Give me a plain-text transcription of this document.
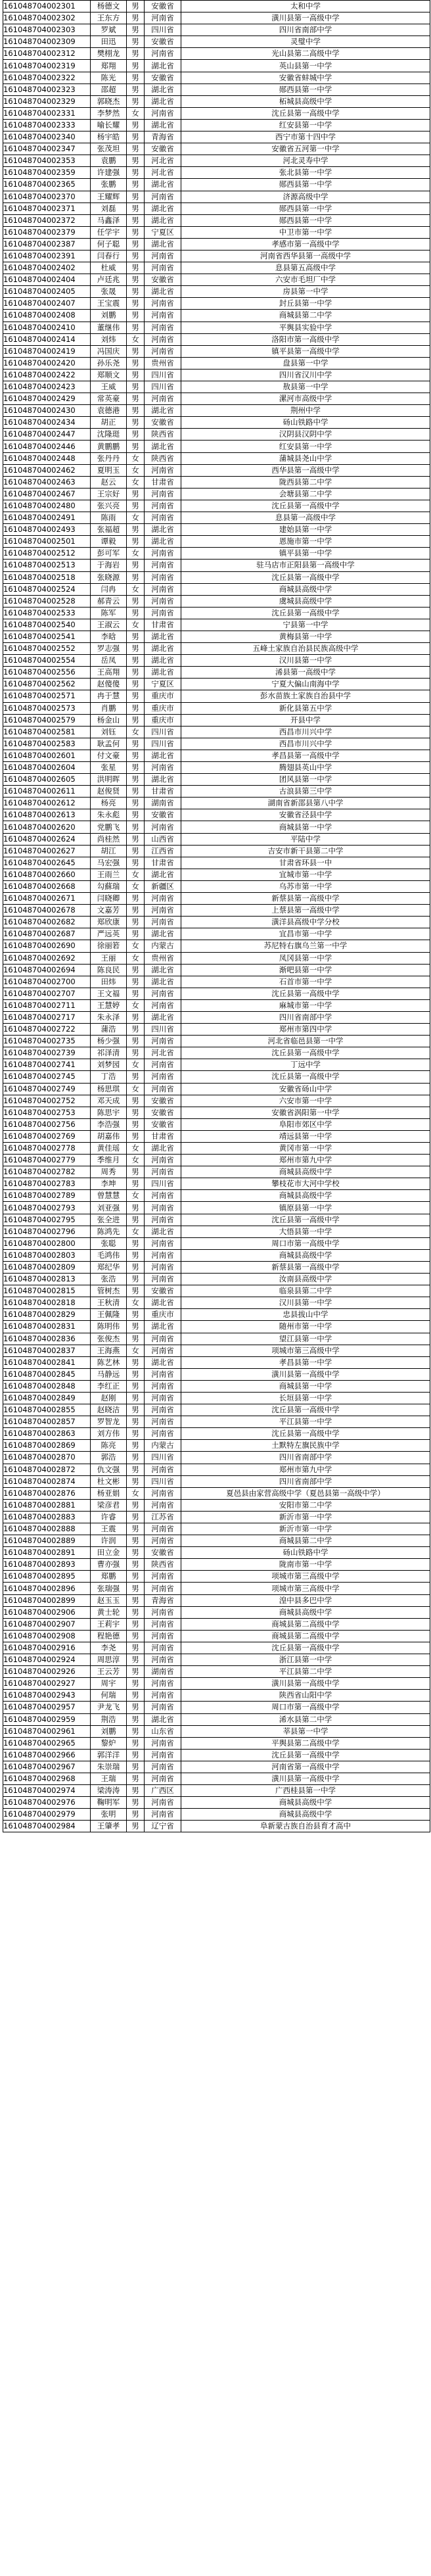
161048704002301	杨德文	男	安徽省	太和中学
161048704002302	王东方	男	河南省	潢川县第一高级中学
161048704002303	罗斌	男	四川省	四川省南部中学
161048704002309	田迅	男	安徽省	灵璧中学
161048704002312	樊栩龙	男	河南省	光山县第二高级中学
161048704002319	郑翔	男	湖北省	英山县第一中学
161048704002322	陈光	男	安徽省	安徽省蚌城中学
161048704002323	邵超	男	湖北省	郧西县第一中学
161048704002329	郭晓杰	男	湖北省	柘城县高级中学
161048704002331	李梦然	女	河南省	沈丘县第一高级中学
161048704002333	喻长耀	男	湖北省	红安县第一中学
161048704002340	杨宇皓	男	青海省	西宁市第十四中学
161048704002347	张茂坦	男	安徽省	安徽省五河第一中学
161048704002353	袁鹏	男	河北省	河北灵寿中学
161048704002359	许建强	男	河北省	张北县第一中学
161048704002365	张鹏	男	湖北省	郧西县第一中学
161048704002370	王耀辉	男	河南省	济源高级中学
161048704002371	刘磊	男	湖北省	郧西县第一中学
161048704002372	马鑫泽	男	湖北省	郧西县第一中学
161048704002379	任学宇	男	宁夏区	中卫市第一中学
161048704002387	何子聪	男	湖北省	孝感市第一高级中学
161048704002391	闫春行	男	河南省	河南省西华县第一高级中学
161048704002402	杜威	男	河南省	息县第五高级中学
161048704002404	卢廷兆	男	安徽省	六安市毛坦厂中学
161048704002405	张晟	男	湖北省	房县第一中学
161048704002407	王宝震	男	河南省	封丘县第一中学
161048704002408	刘鹏	男	河南省	商城县第二中学
161048704002410	董继伟	男	河南省	平舆县实验中学
161048704002414	刘炜	女	河南省	洛阳市第一高级中学
161048704002419	冯国庆	男	河南省	镇平县第一高级中学
161048704002420	孙乐尧	男	贵州省	盘县第一中学
161048704002422	郑顺文	男	四川省	四川省汉川中学
161048704002423	王威	男	四川省	敖县第一中学
161048704002429	常英豪	男	河南省	漯河市高级中学
161048704002430	袁德港	男	湖北省	荆州中学
161048704002434	胡正	男	安徽省	砀山铁路中学
161048704002447	沈隆珽	男	陕西省	汉阴县汉阴中学
161048704002446	黄鹏鹏	男	湖北省	红安县第一中学
161048704002448	张丹丹	女	陕西省	蒲城县尧山中学
161048704002462	夏明玉	女	河南省	西华县第一高级中学
161048704002463	赵云	女	甘肃省	陇西县第二中学
161048704002467	王宗好	男	河南省	会塘县第二中学
161048704002480	张兴亮	男	河南省	沈丘县第一高级中学
161048704002491	陈雨	女	河南省	息县第一高级中学
161048704002493	张福超	男	湖北省	建始县第一中学
161048704002501	谭毅	男	湖北省	恩施市第一中学
161048704002512	彭可军	女	河南省	镇平县第一中学
161048704002513	于海岩	男	河南省	驻马店市正阳县第一高级中学
161048704002518	张晓源	男	河南省	沈丘县第一高级中学
161048704002524	闫冉	女	河南省	商城县高级中学
161048704002528	郝青云	男	河南省	虞城县高级中学
161048704002533	陈军	男	河南省	沈丘县第一高级中学
161048704002540	王淑云	女	甘肃省	宁县第一中学
161048704002541	李晗	男	湖北省	黄梅县第一中学
161048704002552	罗志强	男	湖北省	五峰土家族自治县民族高级中学
161048704002554	岳凤	男	湖北省	汉川县第一中学
161048704002556	王高翔	男	湖北省	浠县第一高级中学
161048704002562	赵傻傻	男	宁夏区	宁夏大偏山南海中学
161048704002571	冉于慧	男	重庆市	彭水苗族土家族自治县中学
161048704002573	肖鹏	男	重庆市	新化县第五中学
161048704002579	杨金山	男	重庆市	开县中学
161048704002581	刘钰	女	四川省	西昌市川兴中学
161048704002583	耿孟何	男	四川省	西昌市川兴中学
161048704002601	付文豪	男	湖北省	孝昌县第一高级中学
161048704002604	张星	男	河南省	腾翅县英山中学
161048704002605	洪明晖	男	湖北省	团风县第一中学
161048704002611	赵俊贤	男	甘肃省	古浪县第三中学
161048704002612	杨亮	男	湖南省	湖南省新邵县第八中学
161048704002613	朱永彪	男	安徽省	安徽省泾县中学
161048704002620	党鹏飞	男	河南省	商城县第一中学
161048704002624	尚桂然	男	山西省	平陆中学
161048704002627	胡江	男	江西省	吉安市新干县第二中学
161048704002645	马宏强	男	甘肃省	甘肃省环县一中
161048704002660	王雨兰	女	湖北省	宜城市第一中学
161048704002668	勾蘇瑞	女	新疆区	乌苏市第一中学
161048704002671	闫晓卿	男	河南省	新蔡县第一高级中学
161048704002678	文嘉芳	男	河南省	上蔡县第一高级中学
161048704002682	郑欣康	男	河南省	潢洋县高级中学分校
161048704002687	严远英	男	湖北省	宜昌市第一中学
161048704002690	徐丽箬	女	内蒙古	苏尼特右旗乌兰第一中学
161048704002692	王丽	女	贵州省	凤冈县第一中学
161048704002694	陈良民	男	湖北省	渐吧县第一中学
161048704002700	田炜	男	湖北省	石首市第一中学
161048704002707	王文福	男	河南省	沈丘县第一高级中学
161048704002711	王慧婷	女	河南省	麻城市第一中学
161048704002717	朱永泽	男	湖北省	四川省南部中学
161048704002722	蒲浩	男	四川省	郑州市第四中学
161048704002735	杨少强	男	河南省	河北省临邑县第一中学
161048704002739	祁泽清	男	河北省	沈丘县第一高级中学
161048704002741	刘梦园	女	河南省	丁远中学
161048704002745	丁浩	男	河南省	沈丘县第一高级中学
161048704002749	杨思琪	女	河南省	安徽省砀山中学
161048704002752	邓天成	男	安徽省	六安市第一中学
161048704002753	陈思宇	男	安徽省	安徽省涡阳第一中学
161048704002756	李浩强	男	安徽省	阜阳市郊区中学
161048704002769	胡嘉伟	男	甘肃省	靖远县第一中学
161048704002778	黄佳瑶	女	湖北省	黄冈市第一中学
161048704002779	季维月	女	河南省	郑州市第九中学
161048704002782	周秀	男	河南省	商城县高级中学
161048704002783	李坤	男	四川省	攀枝花市大河中学校
161048704002789	曾慧慧	女	河南省	商城县高级中学
161048704002793	刘亚强	男	河南省	镇原县第一中学
161048704002795	张全进	男	河南省	沈丘县第一高级中学
161048704002796	陈鸿先	女	湖北省	大悟县第一中学
161048704002800	张聪	男	河南省	周口市第一高级中学
161048704002803	毛鸿伟	男	河南省	商城县高级中学
161048704002809	郑纪华	男	河南省	新蔡县第一高级中学
161048704002813	张浩	男	河南省	汝南县高级中学
161048704002815	管树杰	男	安徽省	临泉县第二中学
161048704002818	王秋清	女	湖北省	汉川县第一中学
161048704002829	王佩隆	男	重庆市	忠县拔山中学
161048704002831	陈明伟	男	湖北省	随州市第一中学
161048704002836	张俊杰	男	河南省	望江县第一中学
161048704002837	王海燕	女	河南省	项城市第三高级中学
161048704002841	陈艺林	男	湖北省	孝昌县第一中学
161048704002845	马静远	男	河南省	潢川县第一高级中学
161048704002848	李红正	男	河南省	商城县第一中学
161048704002849	赵刚	男	河南省	长垣县第一中学
161048704002855	赵晓洁	男	河南省	沈丘县第一高级中学
161048704002857	罗智龙	男	河南省	平江县第一中学
161048704002863	刘方伟	男	河南省	沈丘县第一高级中学
161048704002869	陈亮	男	内蒙古	土默特左旗民族中学
161048704002870	郭浩	男	四川省	四川省南部中学
161048704002872	仇文强	男	河南省	郑州市第九中学
161048704002874	杜文彬	男	四川省	四川省南部中学
161048704002876	杨亚娟	女	河南省	夏邑县由家营高级中学（夏邑县第一高级中学）
161048704002881	梁彦君	男	河南省	安阳市第二中学
161048704002883	许睿	男	江苏省	新沂市第一中学
161048704002888	王震	男	河南省	新沂市第一中学
161048704002889	许润	男	河南省	商城县第二中学
161048704002891	田立金	男	安徽省	砀山铁路中学
161048704002893	曹亦强	男	陕西省	陇南市第一中学
161048704002895	郑鹏	男	河南省	项城市第三高级中学
161048704002896	张瑞强	男	河南省	项城市第三高级中学
161048704002899	赵玉玉	男	青海省	湟中县多巴中学
161048704002906	黄士轮	男	河南省	商城县高级中学
161048704002907	王莉宇	男	河南省	商城县第二高级中学
161048704002908	程艳德	男	河南省	商城县第二高级中学
161048704002916	李尧	男	河南省	沈丘县第一高级中学
161048704002924	周思淳	男	河南省	浙江县第一中学
161048704002926	王云芳	男	湖南省	平江县第二中学
161048704002927	周宇	男	河南省	潢川县第一高级中学
161048704002943	何瑞	男	河南省	陕西省山阳中学
161048704002957	尹龙飞	男	河南省	周口市第一高级中学
161048704002959	荆浩	男	湖北省	浠水县第二中学
161048704002961	刘鹏	男	山东省	莘县第一中学
161048704002965	黎炉	男	河南省	平舆县第二高级中学
161048704002966	郭洋洋	男	河南省	沈丘县第一高级中学
161048704002967	朱崇瑞	男	河南省	河南省第一高级中学
161048704002968	王瑞	男	河南省	潢川县第一高级中学
161048704002974	梁涛涛	男	广西区	广西桂县第一中学
161048704002976	鞠明军	男	河南省	商城县高级中学
161048704002979	张明	男	河南省	商城县高级中学
161048704002984	王肇孝	男	辽宁省	阜新蒙古族自治县育才高中
